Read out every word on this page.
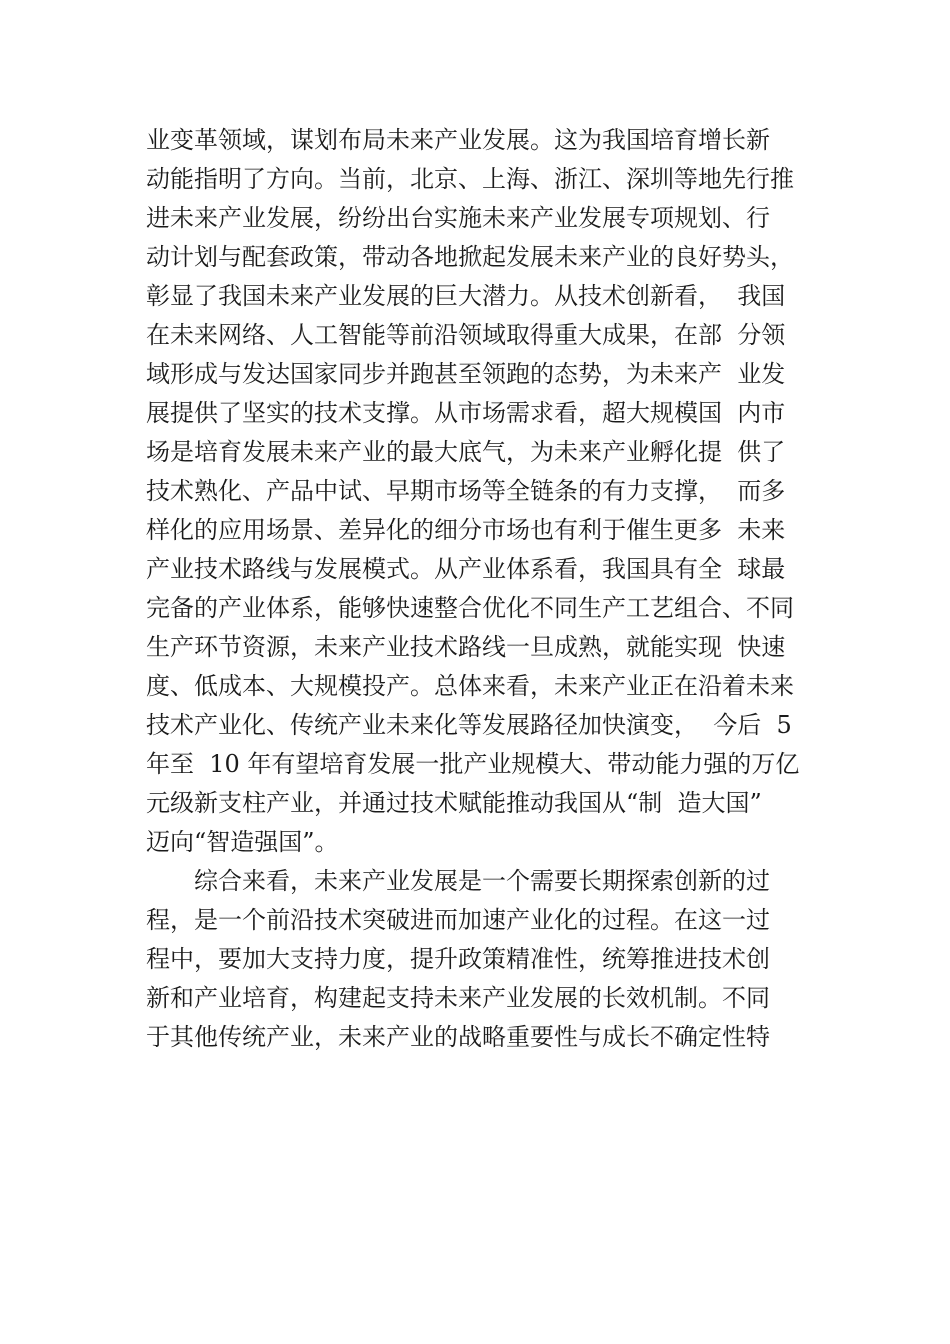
业变革领域，谋划布局未来产业发展。这为我国培育增长新
动能指明了方向。当前，北京、上海、浙江、深圳等地先行推
进未来产业发展，纷纷出台实施未来产业发展专项规划、行
动计划与配套政策，带动各地掀起发展未来产业的良好势头，
彰显了我国未来产业发展的巨大潜力。从技术创新看，  我国
在未来网络、人工智能等前沿领域取得重大成果，在部  分领
域形成与发达国家同步并跑甚至领跑的态势，为未来产  业发
展提供了坚实的技术支撑。从市场需求看，超大规模国  内市
场是培育发展未来产业的最大底气，为未来产业孵化提  供了
技术熟化、产品中试、早期市场等全链条的有力支撑，  而多
样化的应用场景、差异化的细分市场也有利于催生更多  未来
产业技术路线与发展模式。从产业体系看，我国具有全  球最
完备的产业体系，能够快速整合优化不同生产工艺组合、不同
生产环节资源，未来产业技术路线一旦成熟，就能实现  快速
度、低成本、大规模投产。总体来看，未来产业正在沿着未来
技术产业化、传统产业未来化等发展路径加快演变，  今后  5
年至  10 年有望培育发展一批产业规模大、带动能力强的万亿
元级新支柱产业，并通过技术赋能推动我国从“制  造大国”
迈向“智造强国”。
综合来看，未来产业发展是一个需要长期探索创新的过
程，是一个前沿技术突破进而加速产业化的过程。在这一过
程中，要加大支持力度，提升政策精准性，统筹推进技术创
新和产业培育，构建起支持未来产业发展的长效机制。不同
于其他传统产业，未来产业的战略重要性与成长不确定性特
